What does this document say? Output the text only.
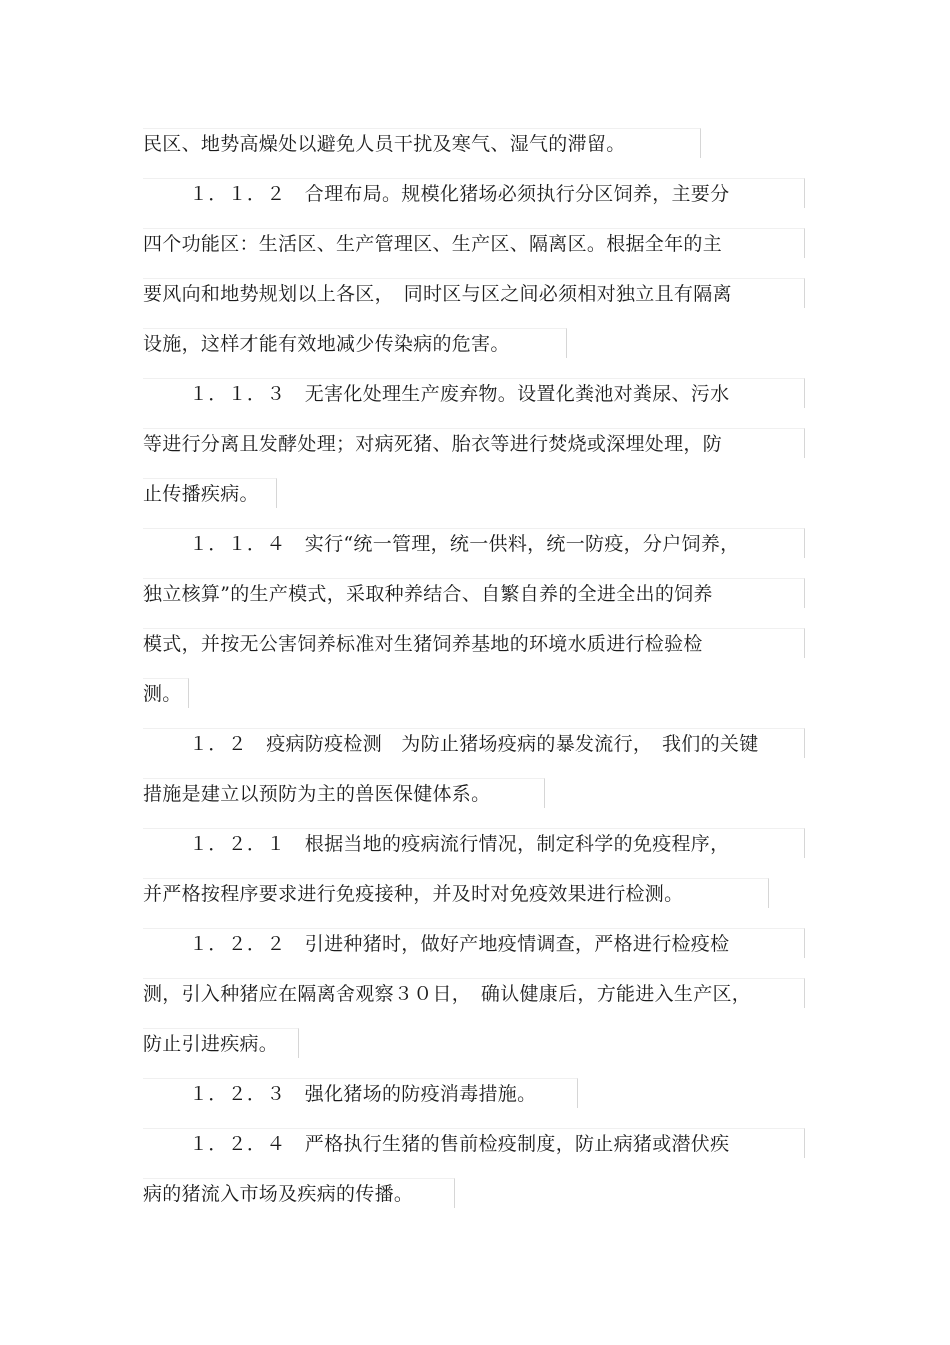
民区、地势高燥处以避免人员干扰及寒气、湿气的滞留。
１．１．２　合理布局。规模化猪场必须执行分区饲养，主要分
四个功能区：生活区、生产管理区、生产区、隔离区。根据全年的主
要风向和地势规划以上各区，　同时区与区之间必须相对独立且有隔离
设施，这样才能有效地减少传染病的危害。
１．１．３　无害化处理生产废弃物。设置化粪池对粪尿、污水
等进行分离且发酵处理；对病死猪、胎衣等进行焚烧或深埋处理，防
止传播疾病。
１．１．４　实行“统一管理，统一供料，统一防疫，分户饲养，
独立核算”的生产模式，采取种养结合、自繁自养的全进全出的饲养
模式，并按无公害饲养标准对生猪饲养基地的环境水质进行检验检
测。
１．２　疫病防疫检测　为防止猪场疫病的暴发流行，　我们的关键
措施是建立以预防为主的兽医保健体系。
１．２．１　根据当地的疫病流行情况，制定科学的免疫程序，
并严格按程序要求进行免疫接种，并及时对免疫效果进行检测。
１．２．２　引进种猪时，做好产地疫情调查，严格进行检疫检
测，引入种猪应在隔离舍观察３０日，　确认健康后，方能进入生产区，
防止引进疾病。
１．２．３　强化猪场的防疫消毒措施。
１．２．４　严格执行生猪的售前检疫制度，防止病猪或潜伏疾
病的猪流入市场及疾病的传播。
